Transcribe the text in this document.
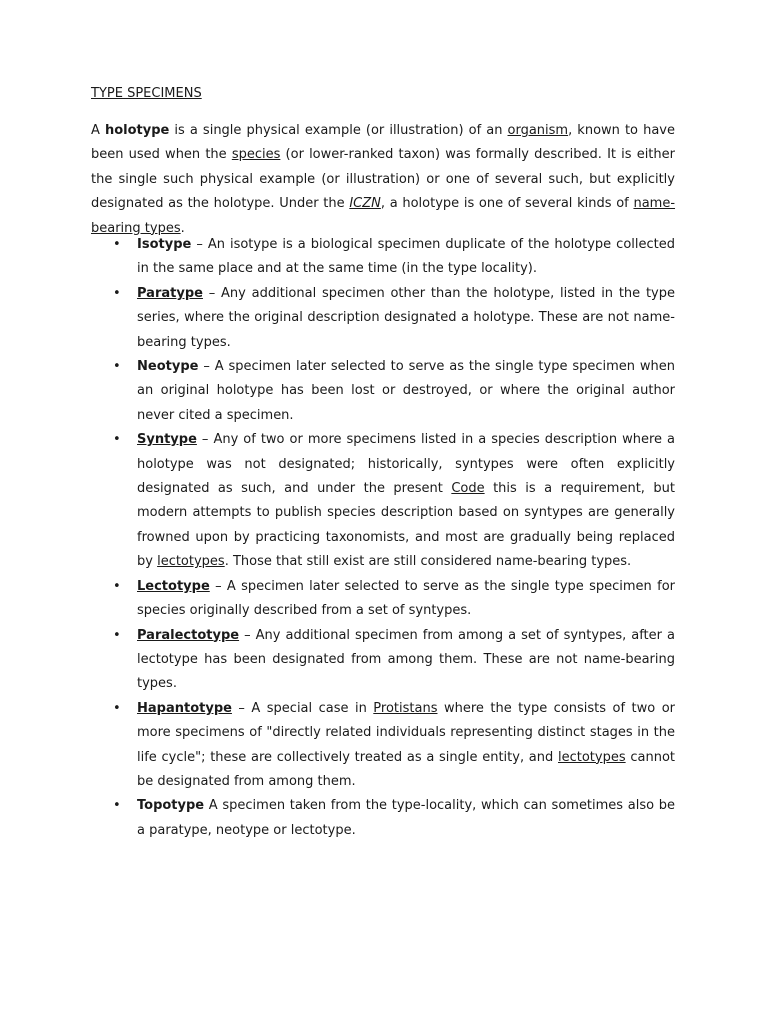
TYPE SPECIMENS

A holotype is a single physical example (or illustration) of an organism, known to have been used when the species (or lower-ranked taxon) was formally described. It is either the single such physical example (or illustration) or one of several such, but explicitly designated as the holotype. Under the ICZN, a holotype is one of several kinds of name-bearing types.

• Isotype – An isotype is a biological specimen duplicate of the holotype collected in the same place and at the same time (in the type locality).
• Paratype – Any additional specimen other than the holotype, listed in the type series, where the original description designated a holotype. These are not name-bearing types.
• Neotype – A specimen later selected to serve as the single type specimen when an original holotype has been lost or destroyed, or where the original author never cited a specimen.
• Syntype – Any of two or more specimens listed in a species description where a holotype was not designated; historically, syntypes were often explicitly designated as such, and under the present Code this is a requirement, but modern attempts to publish species description based on syntypes are generally frowned upon by practicing taxonomists, and most are gradually being replaced by lectotypes. Those that still exist are still considered name-bearing types.
• Lectotype – A specimen later selected to serve as the single type specimen for species originally described from a set of syntypes.
• Paralectotype – Any additional specimen from among a set of syntypes, after a lectotype has been designated from among them. These are not name-bearing types.
• Hapantotype – A special case in Protistans where the type consists of two or more specimens of "directly related individuals representing distinct stages in the life cycle"; these are collectively treated as a single entity, and lectotypes cannot be designated from among them.
• Topotype A specimen taken from the type-locality, which can sometimes also be a paratype, neotype or lectotype.
